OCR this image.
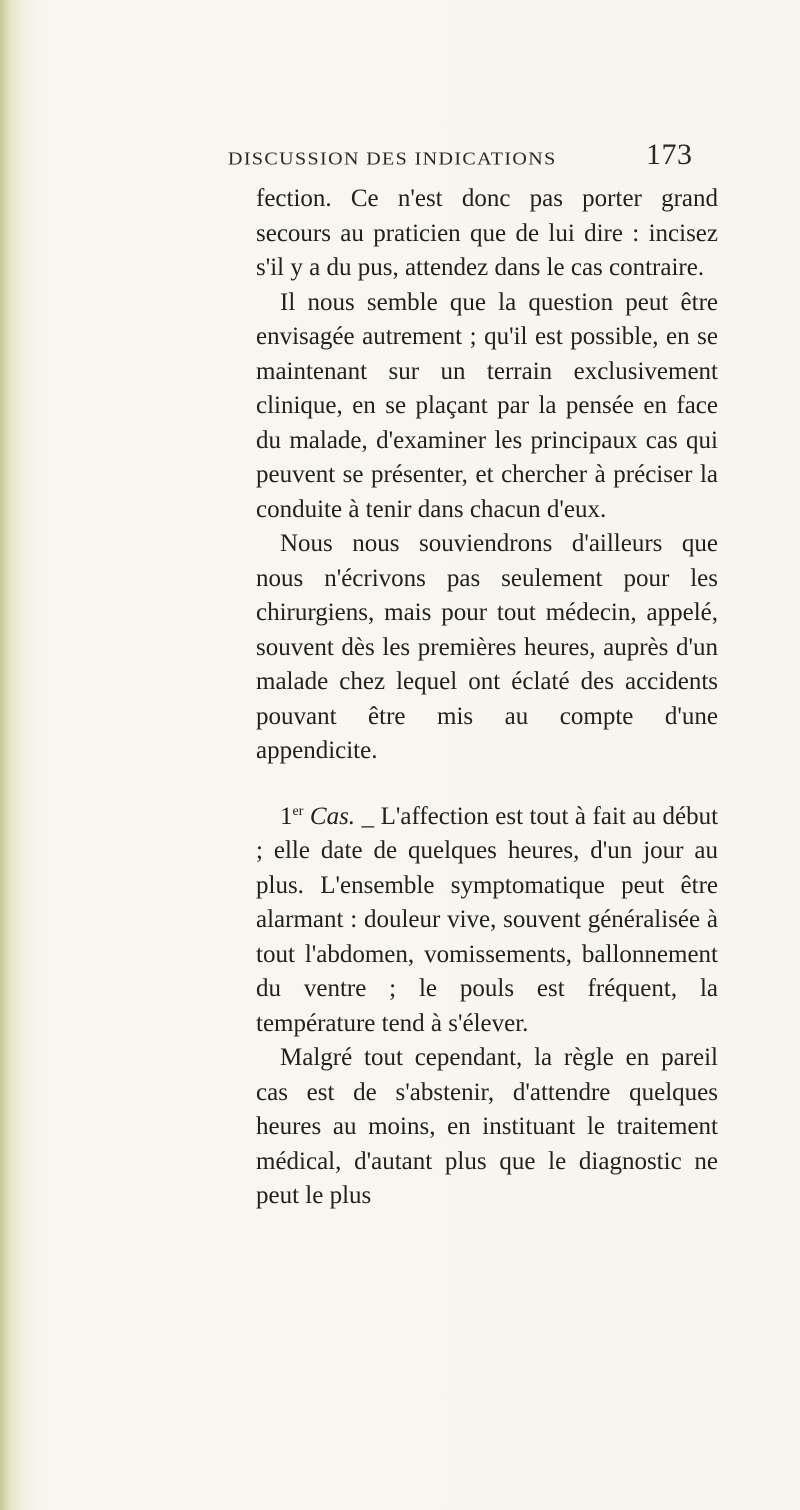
DISCUSSION DES INDICATIONS	173

fection. Ce n'est donc pas porter grand secours au praticien que de lui dire : incisez s'il y a du pus, attendez dans le cas contraire.

Il nous semble que la question peut être envisagée autrement ; qu'il est possible, en se maintenant sur un terrain exclusivement clinique, en se plaçant par la pensée en face du malade, d'examiner les principaux cas qui peuvent se présenter, et chercher à préciser la conduite à tenir dans chacun d'eux.

Nous nous souviendrons d'ailleurs que nous n'écrivons pas seulement pour les chirurgiens, mais pour tout médecin, appelé, souvent dès les premières heures, auprès d'un malade chez lequel ont éclaté des accidents pouvant être mis au compte d'une appendicite.

1er Cas. _ L'affection est tout à fait au début ; elle date de quelques heures, d'un jour au plus. L'ensemble symptomatique peut être alarmant : douleur vive, souvent généralisée à tout l'abdomen, vomissements, ballonnement du ventre ; le pouls est fréquent, la température tend à s'élever.

Malgré tout cependant, la règle en pareil cas est de s'abstenir, d'attendre quelques heures au moins, en instituant le traitement médical, d'autant plus que le diagnostic ne peut le plus
